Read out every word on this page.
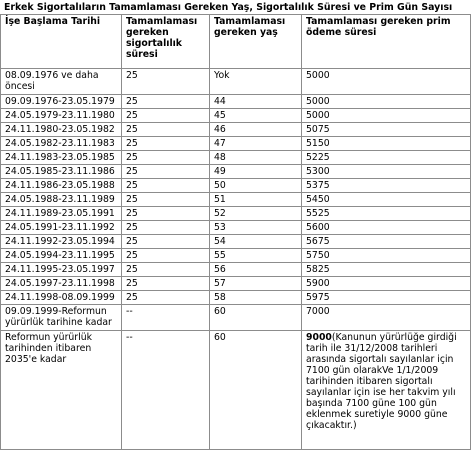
Erkek Sigortalıların Tamamlaması Gereken Yaş, Sigortalılık Süresi ve Prim Gün Sayısı
İşe Başlama Tarihi	Tamamlaması gereken sigortalılık süresi	Tamamlaması gereken yaş	Tamamlaması gereken prim ödeme süresi
08.09.1976 ve daha öncesi	25	Yok	5000
09.09.1976-23.05.1979	25	44	5000
24.05.1979-23.11.1980	25	45	5000
24.11.1980-23.05.1982	25	46	5075
24.05.1982-23.11.1983	25	47	5150
24.11.1983-23.05.1985	25	48	5225
24.05.1985-23.11.1986	25	49	5300
24.11.1986-23.05.1988	25	50	5375
24.05.1988-23.11.1989	25	51	5450
24.11.1989-23.05.1991	25	52	5525
24.05.1991-23.11.1992	25	53	5600
24.11.1992-23.05.1994	25	54	5675
24.05.1994-23.11.1995	25	55	5750
24.11.1995-23.05.1997	25	56	5825
24.05.1997-23.11.1998	25	57	5900
24.11.1998-08.09.1999	25	58	5975
09.09.1999-Reformun yürürlük tarihine kadar	--	60	7000
Reformun yürürlük tarihinden itibaren 2035'e kadar	--	60	9000(Kanunun yürürlüğe girdiği tarih ile 31/12/2008 tarihleri arasında sigortalı sayılanlar için 7100 gün olarakVe 1/1/2009 tarihinden itibaren sigortalı sayılanlar için ise her takvim yılı başında 7100 güne 100 gün eklenmek suretiyle 9000 güne çıkacaktır.)
